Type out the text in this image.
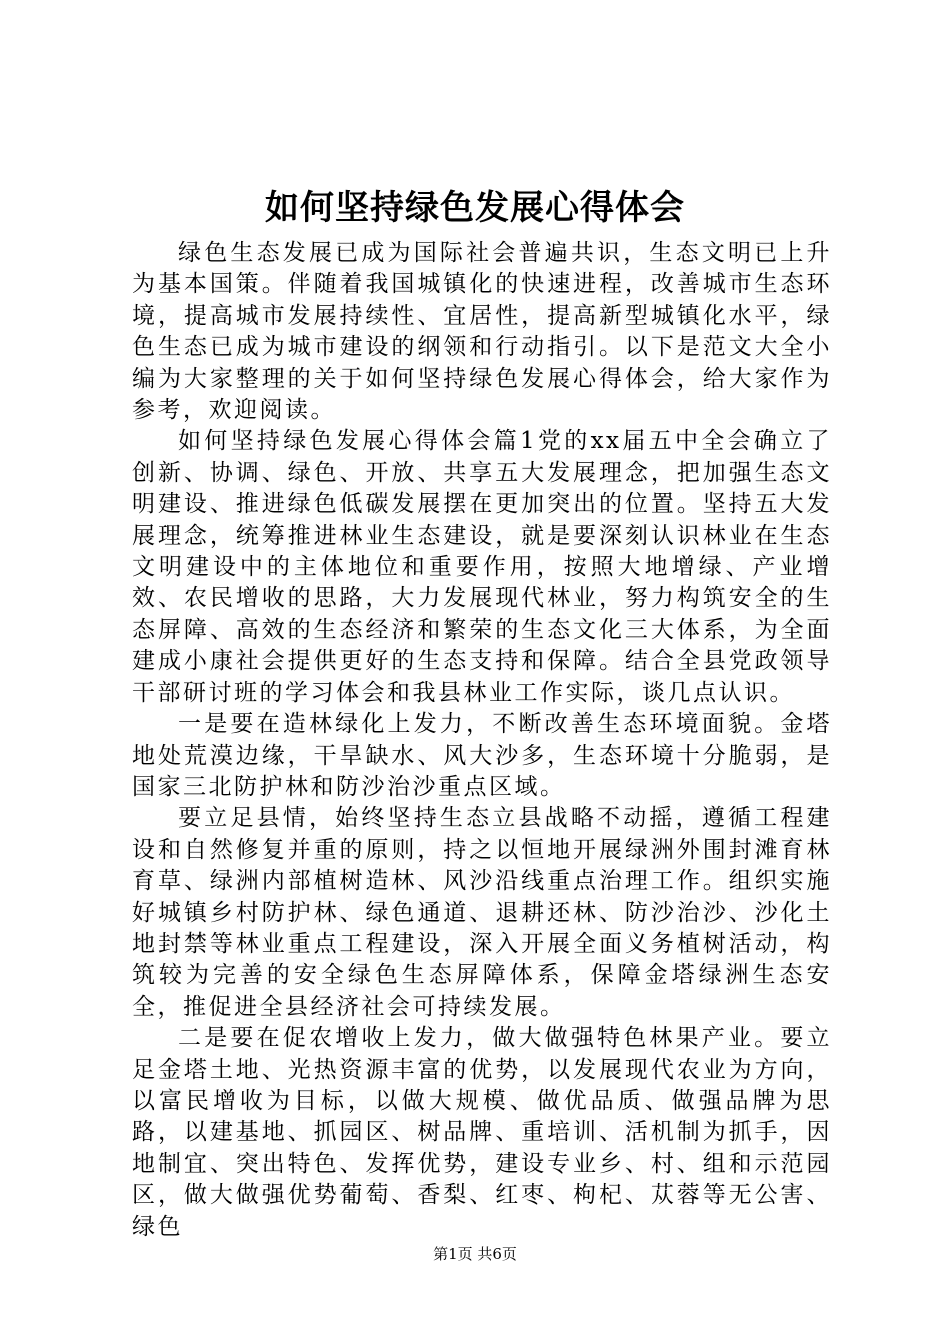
如何坚持绿色发展心得体会

绿色生态发展已成为国际社会普遍共识，生态文明已上升为基本国策。伴随着我国城镇化的快速进程，改善城市生态环境，提高城市发展持续性、宜居性，提高新型城镇化水平，绿色生态已成为城市建设的纲领和行动指引。以下是范文大全小编为大家整理的关于如何坚持绿色发展心得体会，给大家作为参考，欢迎阅读。

如何坚持绿色发展心得体会篇1党的xx届五中全会确立了创新、协调、绿色、开放、共享五大发展理念，把加强生态文明建设、推进绿色低碳发展摆在更加突出的位置。坚持五大发展理念，统筹推进林业生态建设，就是要深刻认识林业在生态文明建设中的主体地位和重要作用，按照大地增绿、产业增效、农民增收的思路，大力发展现代林业，努力构筑安全的生态屏障、高效的生态经济和繁荣的生态文化三大体系，为全面建成小康社会提供更好的生态支持和保障。结合全县党政领导干部研讨班的学习体会和我县林业工作实际，谈几点认识。

一是要在造林绿化上发力，不断改善生态环境面貌。金塔地处荒漠边缘，干旱缺水、风大沙多，生态环境十分脆弱，是国家三北防护林和防沙治沙重点区域。

要立足县情，始终坚持生态立县战略不动摇，遵循工程建设和自然修复并重的原则，持之以恒地开展绿洲外围封滩育林育草、绿洲内部植树造林、风沙沿线重点治理工作。组织实施好城镇乡村防护林、绿色通道、退耕还林、防沙治沙、沙化土地封禁等林业重点工程建设，深入开展全面义务植树活动，构筑较为完善的安全绿色生态屏障体系，保障金塔绿洲生态安全，推促进全县经济社会可持续发展。

二是要在促农增收上发力，做大做强特色林果产业。要立足金塔土地、光热资源丰富的优势，以发展现代农业为方向，以富民增收为目标，以做大规模、做优品质、做强品牌为思路，以建基地、抓园区、树品牌、重培训、活机制为抓手，因地制宜、突出特色、发挥优势，建设专业乡、村、组和示范园区，做大做强优势葡萄、香梨、红枣、枸杞、苁蓉等无公害、绿色

第1页 共6页
